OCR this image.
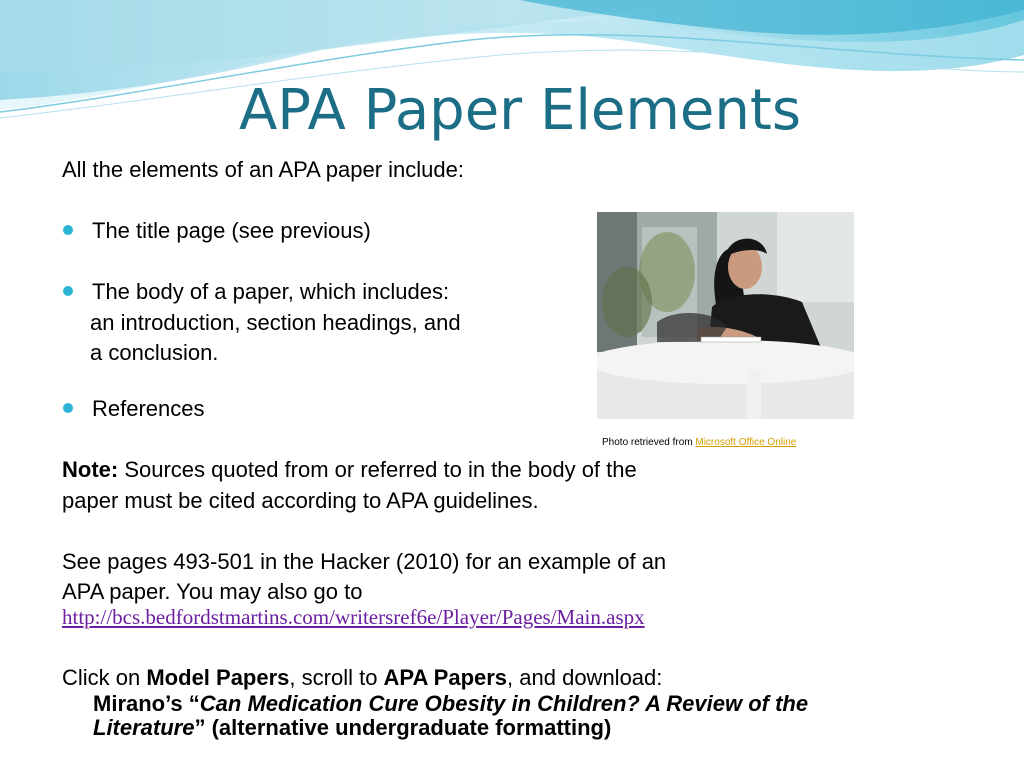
APA Paper Elements
All the elements of an APA paper include:
The title page (see previous)
The body of a paper, which includes:
an introduction, section headings, and
a conclusion.
References
Photo retrieved from Microsoft Office Online
Note: Sources quoted from or referred to in the body of the
paper must be cited according to APA guidelines.
See pages 493-501 in the Hacker (2010) for an example of an
APA paper. You may also go to
http://bcs.bedfordstmartins.com/writersref6e/Player/Pages/Main.aspx
Click on Model Papers, scroll to APA Papers, and download:
Mirano’s “Can Medication Cure Obesity in Children? A Review of the
Literature” (alternative undergraduate formatting)
